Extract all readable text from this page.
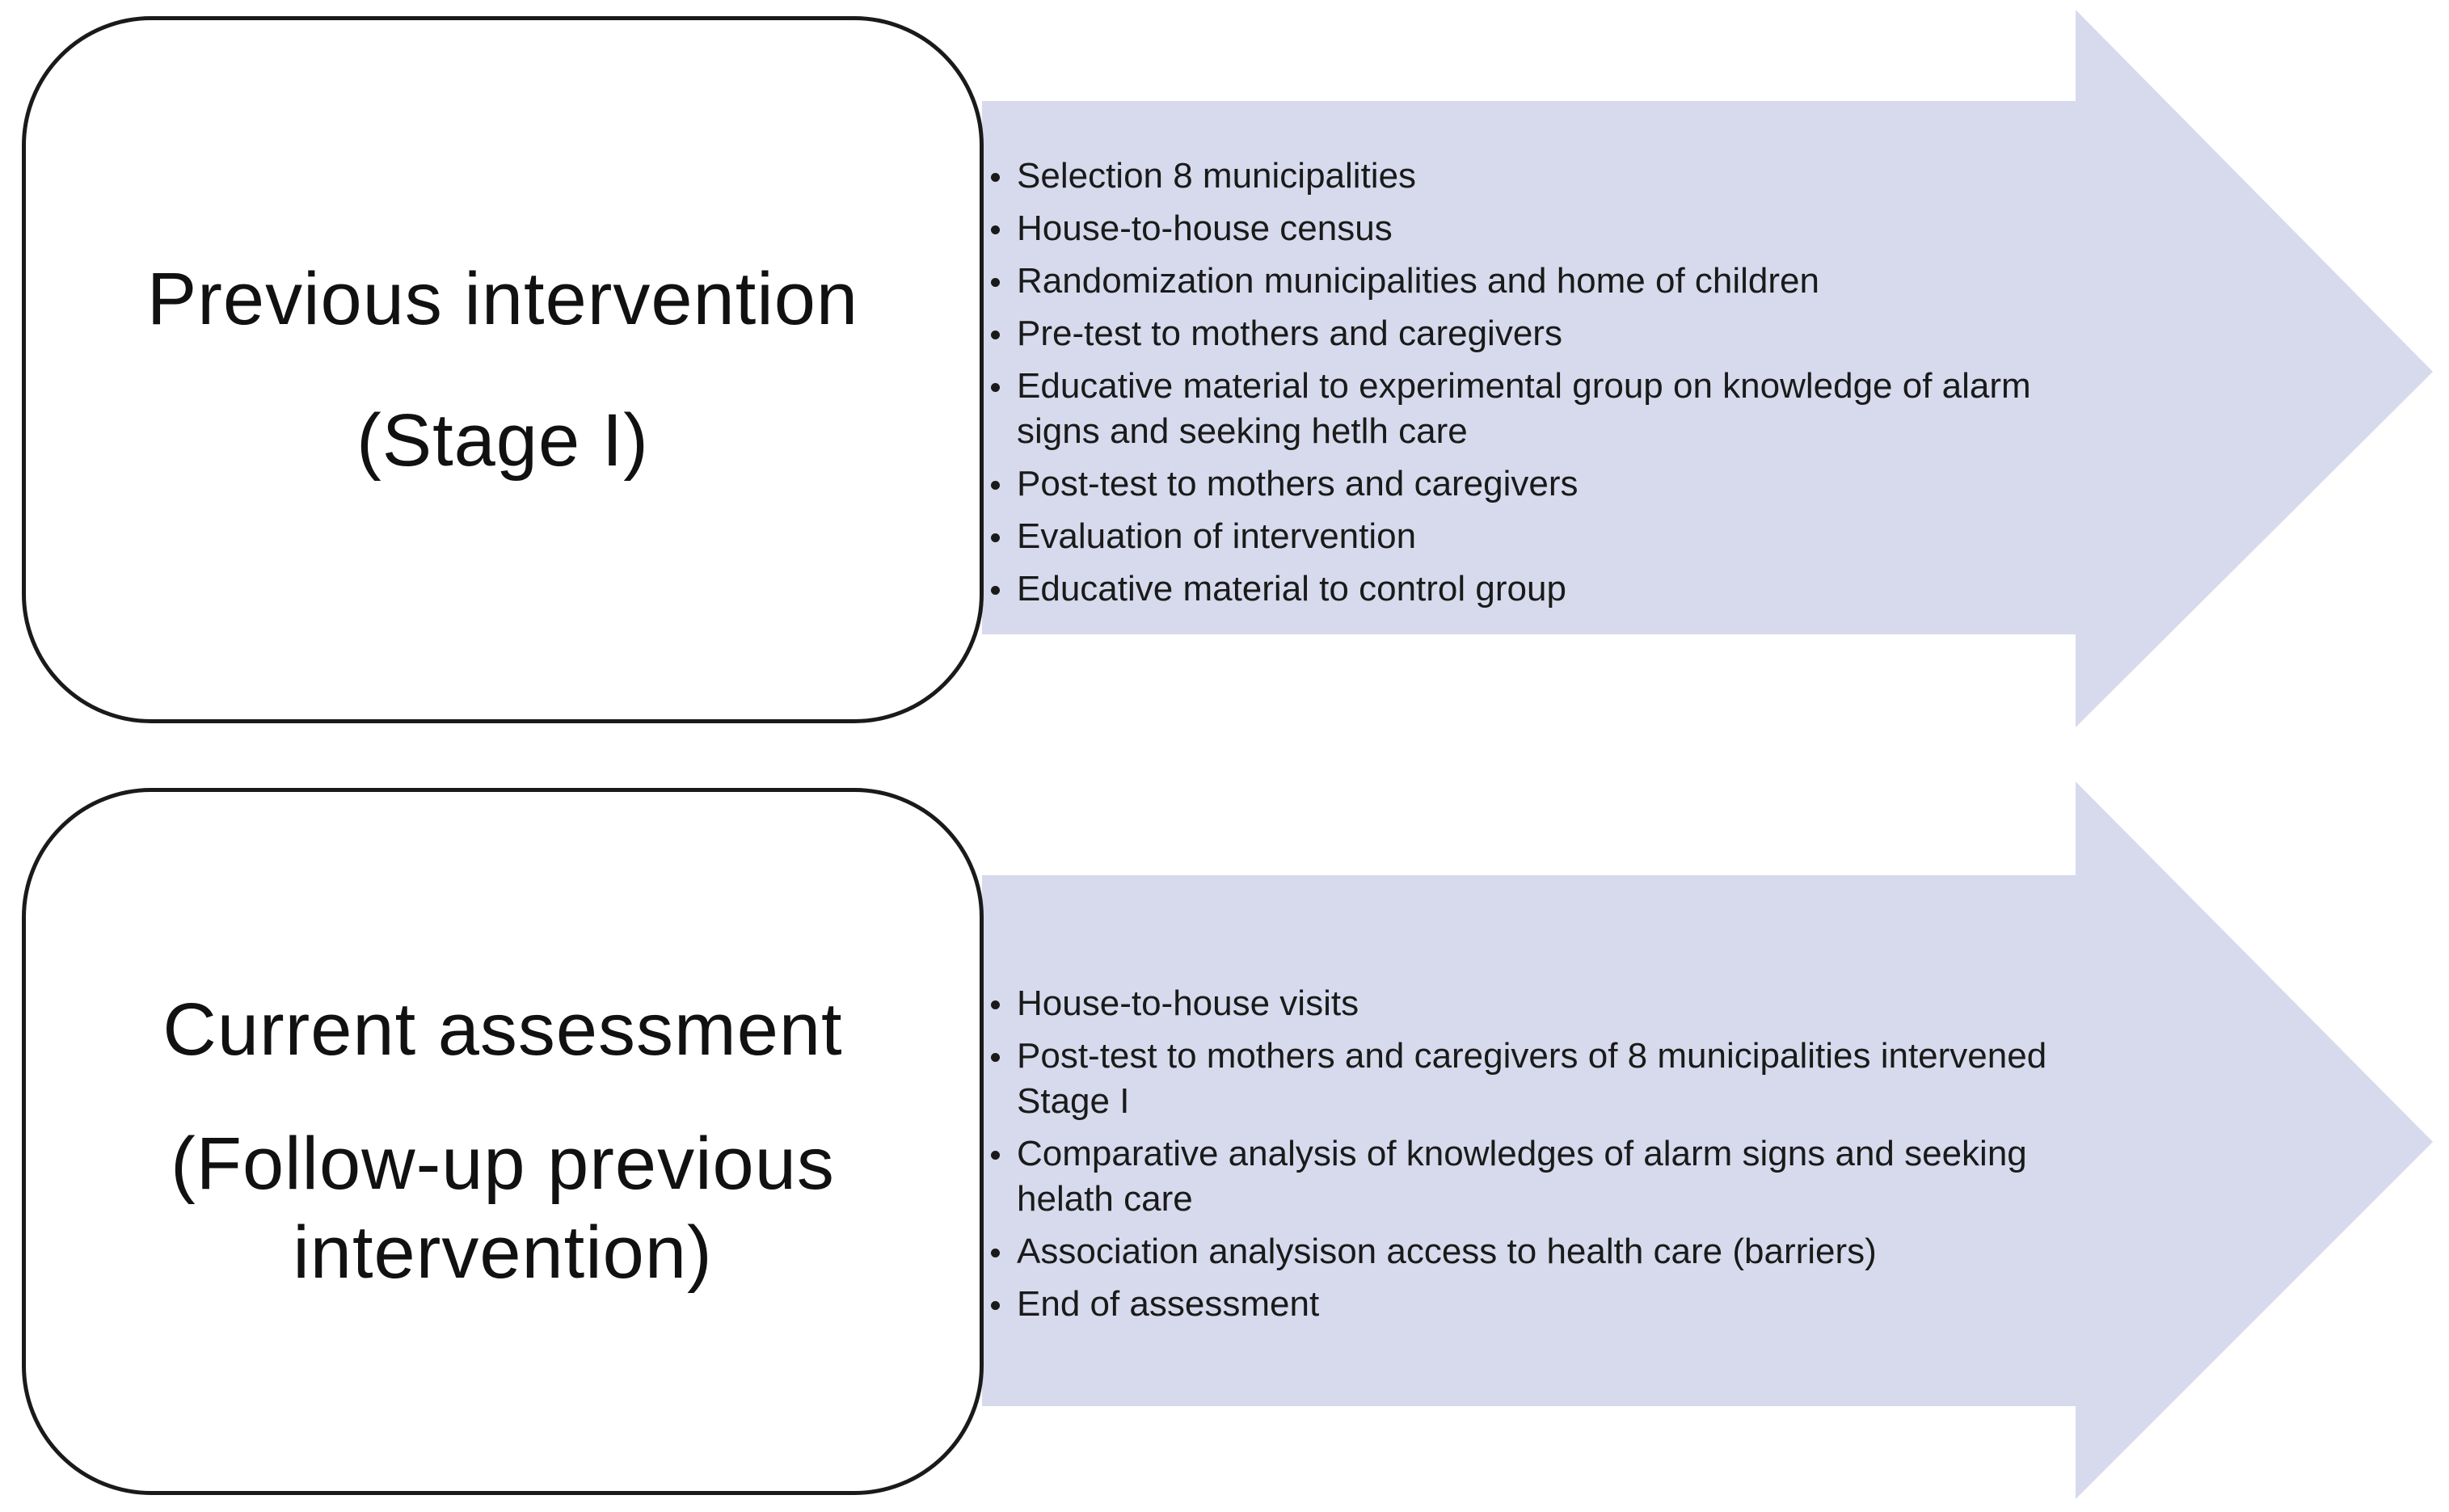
Previous intervention
(Stage I)
Selection 8 municipalities
House-to-house census
Randomization municipalities and home of children
Pre-test to mothers and caregivers
Educative material to experimental group on knowledge of alarm signs and seeking hetlh care
Post-test to mothers and caregivers
Evaluation of intervention
Educative material to control group
Current assessment
(Follow-up previous
intervention)
House-to-house visits
Post-test to mothers and caregivers of 8 municipalities intervened Stage I
Comparative analysis of knowledges of alarm signs and seeking helath care
Association analysison access to health care (barriers)
End of assessment
